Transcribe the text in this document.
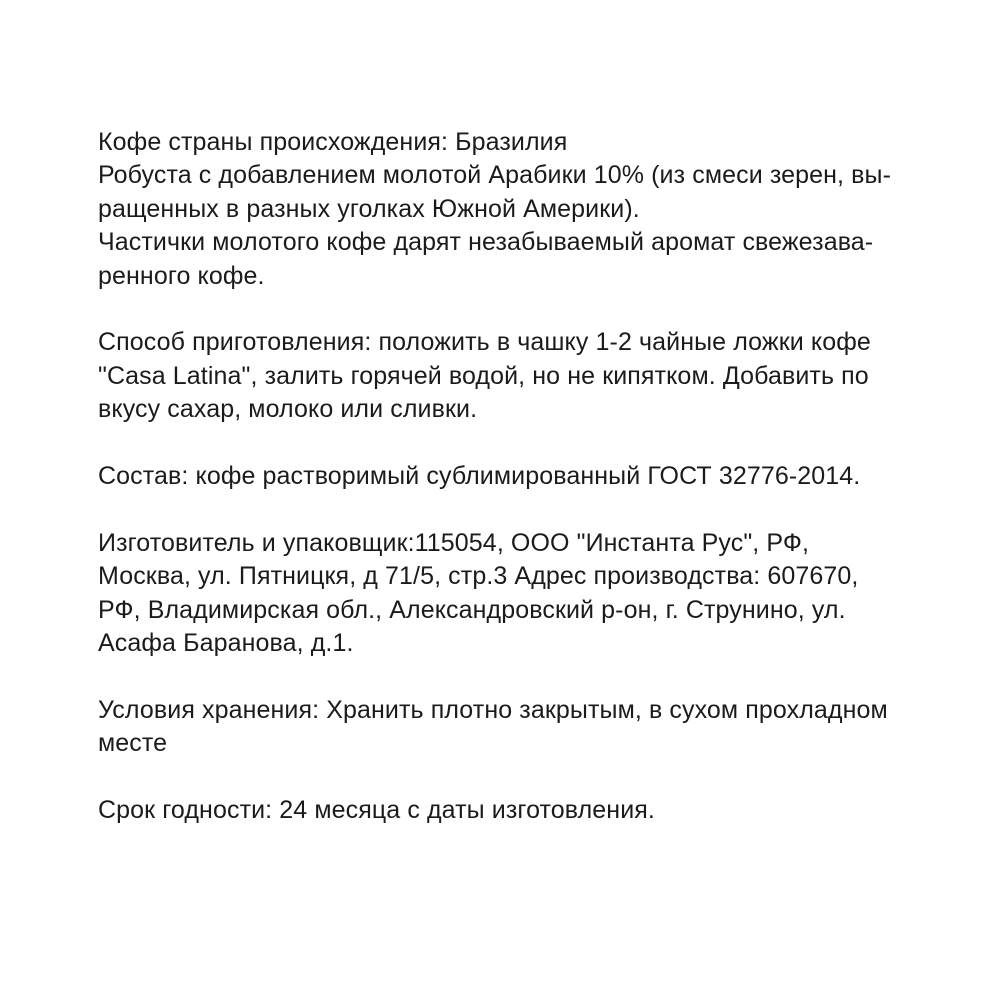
Кофе страны происхождения: Бразилия
Робуста с добавлением молотой Арабики 10% (из смеси зерен, вы-
ращенных в разных уголках Южной Америки).
Частички молотого кофе дарят незабываемый аромат свежезава-
ренного кофе.
Способ приготовления: положить в чашку 1-2 чайные ложки кофе
"Casa Latina", залить горячей водой, но не кипятком. Добавить по
вкусу сахар, молоко или сливки.
Состав: кофе растворимый сублимированный ГОСТ 32776-2014.
Изготовитель и упаковщик:115054, ООО "Инстанта Рус", РФ,
Москва, ул. Пятницкя, д 71/5, стр.3 Адрес производства: 607670,
РФ, Владимирская обл., Александровский р-он, г. Струнино, ул.
Асафа Баранова, д.1.
Условия хранения: Хранить плотно закрытым, в сухом прохладном
месте
Срок годности: 24 месяца с даты изготовления.
